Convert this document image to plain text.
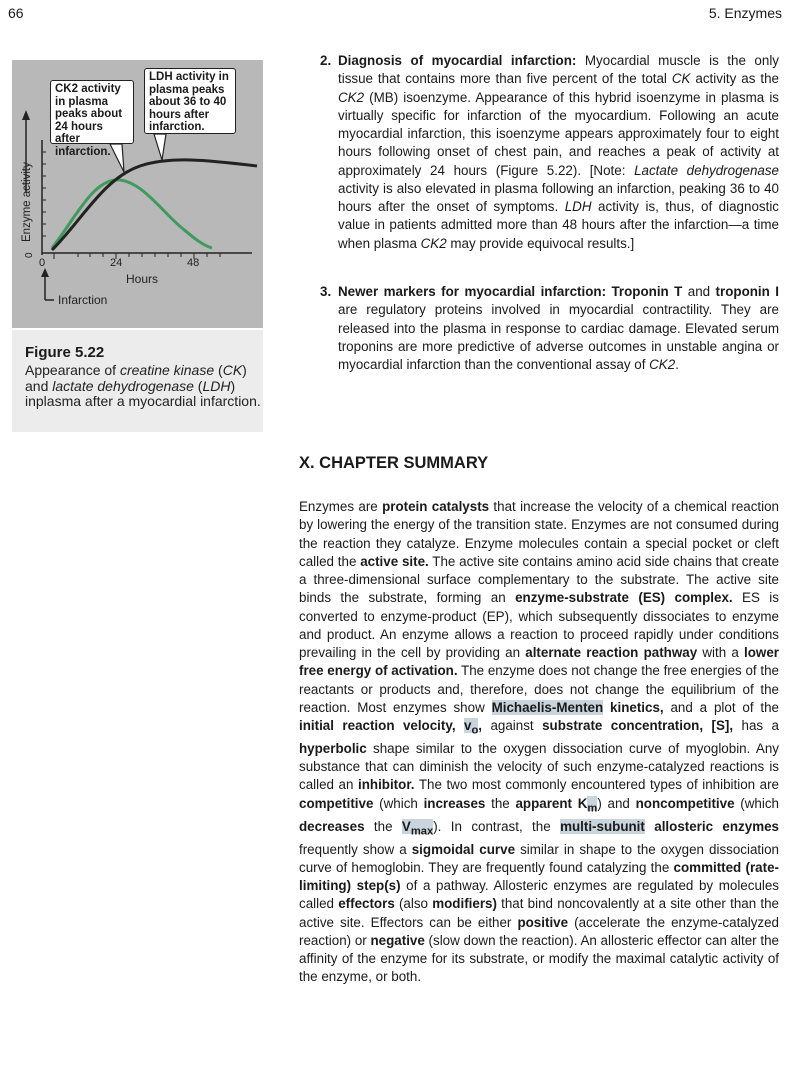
66	5. Enzymes
Enzyme activity
0
0	24	48
Hours
Infarction
CK2 activity in plasma peaks about 24 hours after infarction.
LDH activity in plasma peaks about 36 to 40 hours after infarction.
Figure 5.22
Appearance of creatine kinase (CK) and lactate dehydrogenase (LDH) inplasma after a myocardial infarction.
2. Diagnosis of myocardial infarction: Myocardial muscle is the only tissue that contains more than five percent of the total CK activity as the CK2 (MB) isoenzyme. Appearance of this hybrid isoenzyme in plasma is virtually specific for infarction of the myocardium. Following an acute myocardial infarction, this isoenzyme appears approximately four to eight hours following onset of chest pain, and reaches a peak of activity at approximately 24 hours (Figure 5.22). [Note: Lactate dehydrogenase activity is also elevated in plasma following an infarction, peaking 36 to 40 hours after the onset of symptoms. LDH activity is, thus, of diagnostic value in patients admitted more than 48 hours after the infarction—a time when plasma CK2 may provide equivocal results.]
3. Newer markers for myocardial infarction: Troponin T and troponin I are regulatory proteins involved in myocardial contractility. They are released into the plasma in response to cardiac damage. Elevated serum troponins are more predictive of adverse outcomes in unstable angina or myocardial infarction than the conventional assay of CK2.
X. CHAPTER SUMMARY
Enzymes are protein catalysts that increase the velocity of a chemical reaction by lowering the energy of the transition state. Enzymes are not consumed during the reaction they catalyze. Enzyme molecules contain a special pocket or cleft called the active site. The active site contains amino acid side chains that create a three-dimensional surface complementary to the substrate. The active site binds the substrate, forming an enzyme-substrate (ES) complex. ES is converted to enzyme-product (EP), which subsequently dissociates to enzyme and product. An enzyme allows a reaction to proceed rapidly under conditions prevailing in the cell by providing an alternate reaction pathway with a lower free energy of activation. The enzyme does not change the free energies of the reactants or products and, therefore, does not change the equilibrium of the reaction. Most enzymes show Michaelis-Menten kinetics, and a plot of the initial reaction velocity, $v_o$, against substrate concentration, [S], has a hyperbolic shape similar to the oxygen dissociation curve of myoglobin. Any substance that can diminish the velocity of such enzyme-catalyzed reactions is called an inhibitor. The two most commonly encountered types of inhibition are competitive (which increases the apparent $K_m$) and noncompetitive (which decreases the $V_{max}$). In contrast, the multi-subunit allosteric enzymes frequently show a sigmoidal curve similar in shape to the oxygen dissociation curve of hemoglobin. They are frequently found catalyzing the committed (rate-limiting) step(s) of a pathway. Allosteric enzymes are regulated by molecules called effectors (also modifiers) that bind noncovalently at a site other than the active site. Effectors can be either positive (accelerate the enzyme-catalyzed reaction) or negative (slow down the reaction). An allosteric effector can alter the affinity of the enzyme for its substrate, or modify the maximal catalytic activity of the enzyme, or both.
